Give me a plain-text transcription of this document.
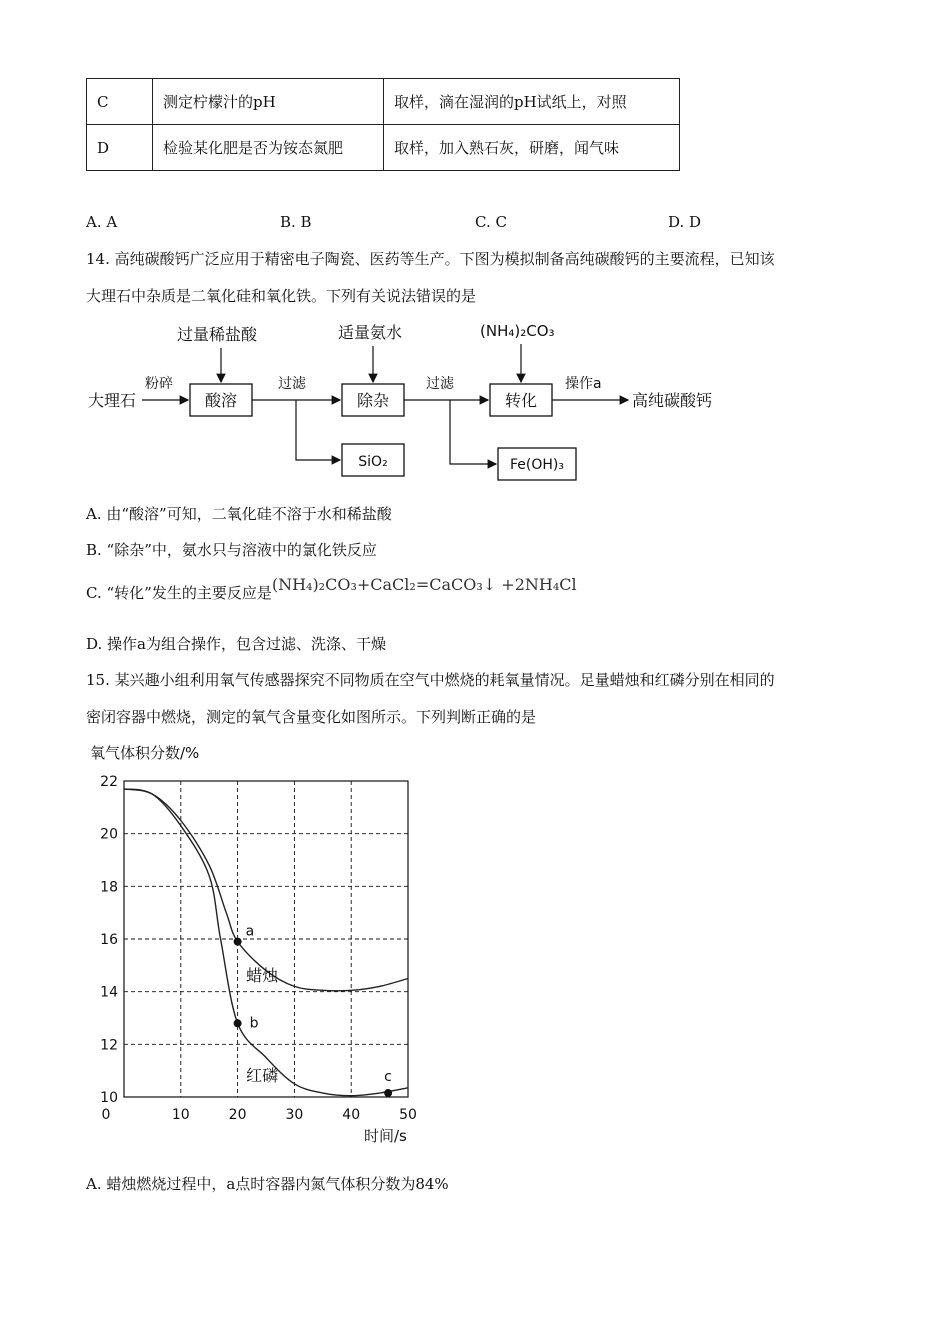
C	测定柠檬汁的pH	取样，滴在湿润的pH试纸上，对照
D	检验某化肥是否为铵态氮肥	取样，加入熟石灰，研磨，闻气味
A. A	B. B	C. C	D. D
14. 高纯碳酸钙广泛应用于精密电子陶瓷、医药等生产。下图为模拟制备高纯碳酸钙的主要流程，已知该
大理石中杂质是二氧化硅和氧化铁。下列有关说法错误的是
大理石
粉碎
过量稀盐酸
过滤
适量氨水
过滤
(NH₄)₂CO₃
操作a
高纯碳酸钙
酸溶	除杂	转化
SiO₂	Fe(OH)₃
A. 由“酸溶”可知，二氧化硅不溶于水和稀盐酸
B. “除杂”中，氨水只与溶液中的氯化铁反应
C. “转化”发生的主要反应是(NH₄)₂CO₃+CaCl₂=CaCO₃↓ +2NH₄Cl
D. 操作a为组合操作，包含过滤、洗涤、干燥
15. 某兴趣小组利用氧气传感器探究不同物质在空气中燃烧的耗氧量情况。足量蜡烛和红磷分别在相同的
密闭容器中燃烧，测定的氧气含量变化如图所示。下列判断正确的是
氧气体积分数/%
时间/s
10
12
14
16
18
20
22
0	10	20	30	40	50
a
b
c
蜡烛
红磷
A. 蜡烛燃烧过程中，a点时容器内氮气体积分数为84%
